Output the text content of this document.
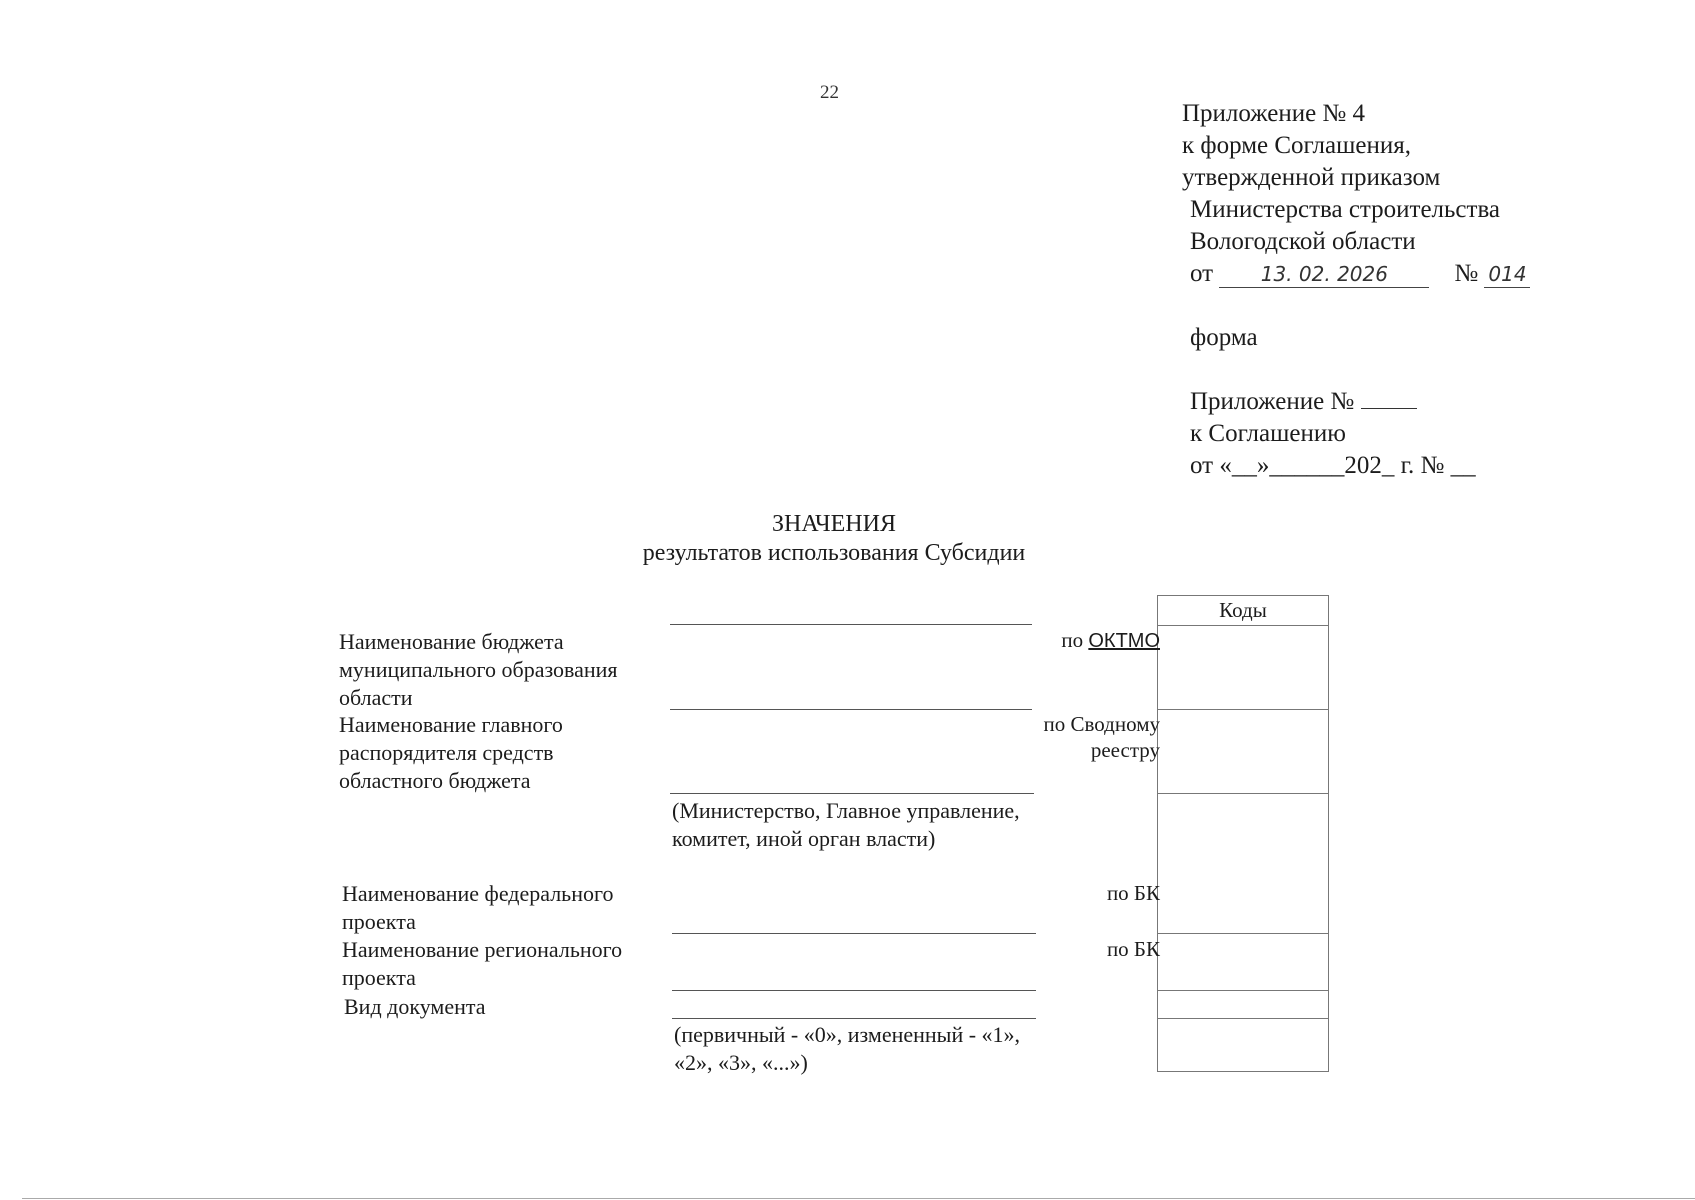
22
Приложение № 4
к форме Соглашения,
утвержденной приказом
Министерства строительства
Вологодской области
от 13. 02. 2026	№ 014
форма
Приложение №
к Соглашению
от «__»______202_ г. № __
ЗНАЧЕНИЯ
результатов использования Субсидии
Коды
Наименование бюджета муниципального образования области
Наименование главного распорядителя средств областного бюджета
Наименование федерального проекта
Наименование регионального проекта
Вид документа
(Министерство, Главное управление, комитет, иной орган власти)
(первичный - «0», измененный - «1», «2», «3», «...»)
по ОКТМО
по Сводному реестру
по БК
по БК
